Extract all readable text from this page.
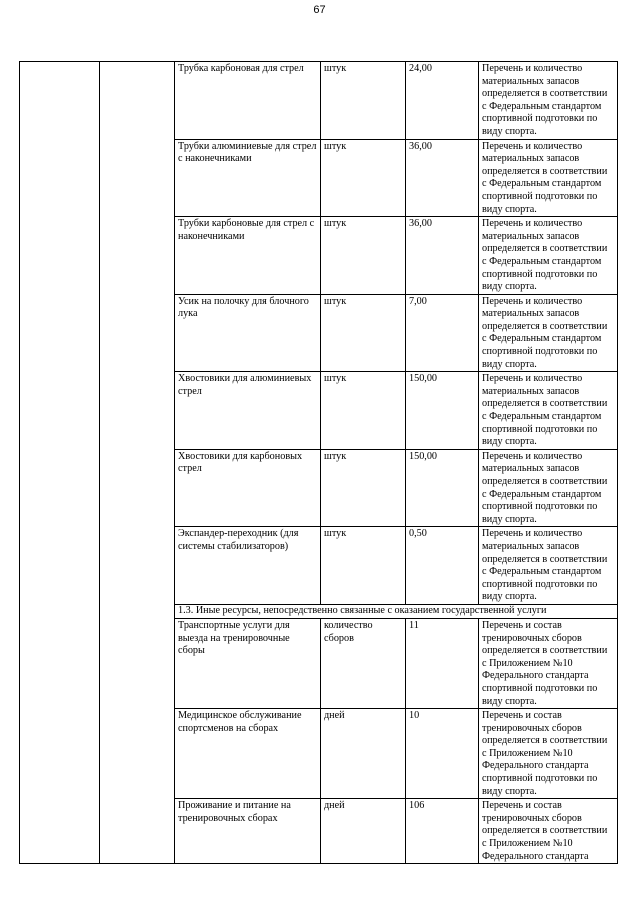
67
		Трубка карбоновая для стрел	штук	24,00	Перечень и количество материальных запасов определяется в соответствии с Федеральным стандартом спортивной подготовки по виду спорта.
		Трубки алюминиевые для стрел с наконечниками	штук	36,00	Перечень и количество материальных запасов определяется в соответствии с Федеральным стандартом спортивной подготовки по виду спорта.
		Трубки карбоновые для стрел с наконечниками	штук	36,00	Перечень и количество материальных запасов определяется в соответствии с Федеральным стандартом спортивной подготовки по виду спорта.
		Усик на полочку для блочного лука	штук	7,00	Перечень и количество материальных запасов определяется в соответствии с Федеральным стандартом спортивной подготовки по виду спорта.
		Хвостовики для алюминиевых стрел	штук	150,00	Перечень и количество материальных запасов определяется в соответствии с Федеральным стандартом спортивной подготовки по виду спорта.
		Хвостовики для карбоновых стрел	штук	150,00	Перечень и количество материальных запасов определяется в соответствии с Федеральным стандартом спортивной подготовки по виду спорта.
		Экспандер-переходник (для системы стабилизаторов)	штук	0,50	Перечень и количество материальных запасов определяется в соответствии с Федеральным стандартом спортивной подготовки по виду спорта.
		1.3. Иные ресурсы, непосредственно связанные с оказанием государственной услуги			
		Транспортные услуги для выезда на тренировочные сборы	количество сборов	11	Перечень и состав тренировочных сборов определяется в соответствии с Приложением №10 Федерального стандарта спортивной подготовки по виду спорта.
		Медицинское обслуживание спортсменов на сборах	дней	10	Перечень и состав тренировочных сборов определяется в соответствии с Приложением №10 Федерального стандарта спортивной подготовки по виду спорта.
		Проживание и питание на тренировочных сборах	дней	106	Перечень и состав тренировочных сборов определяется в соответствии с Приложением №10 Федерального стандарта
